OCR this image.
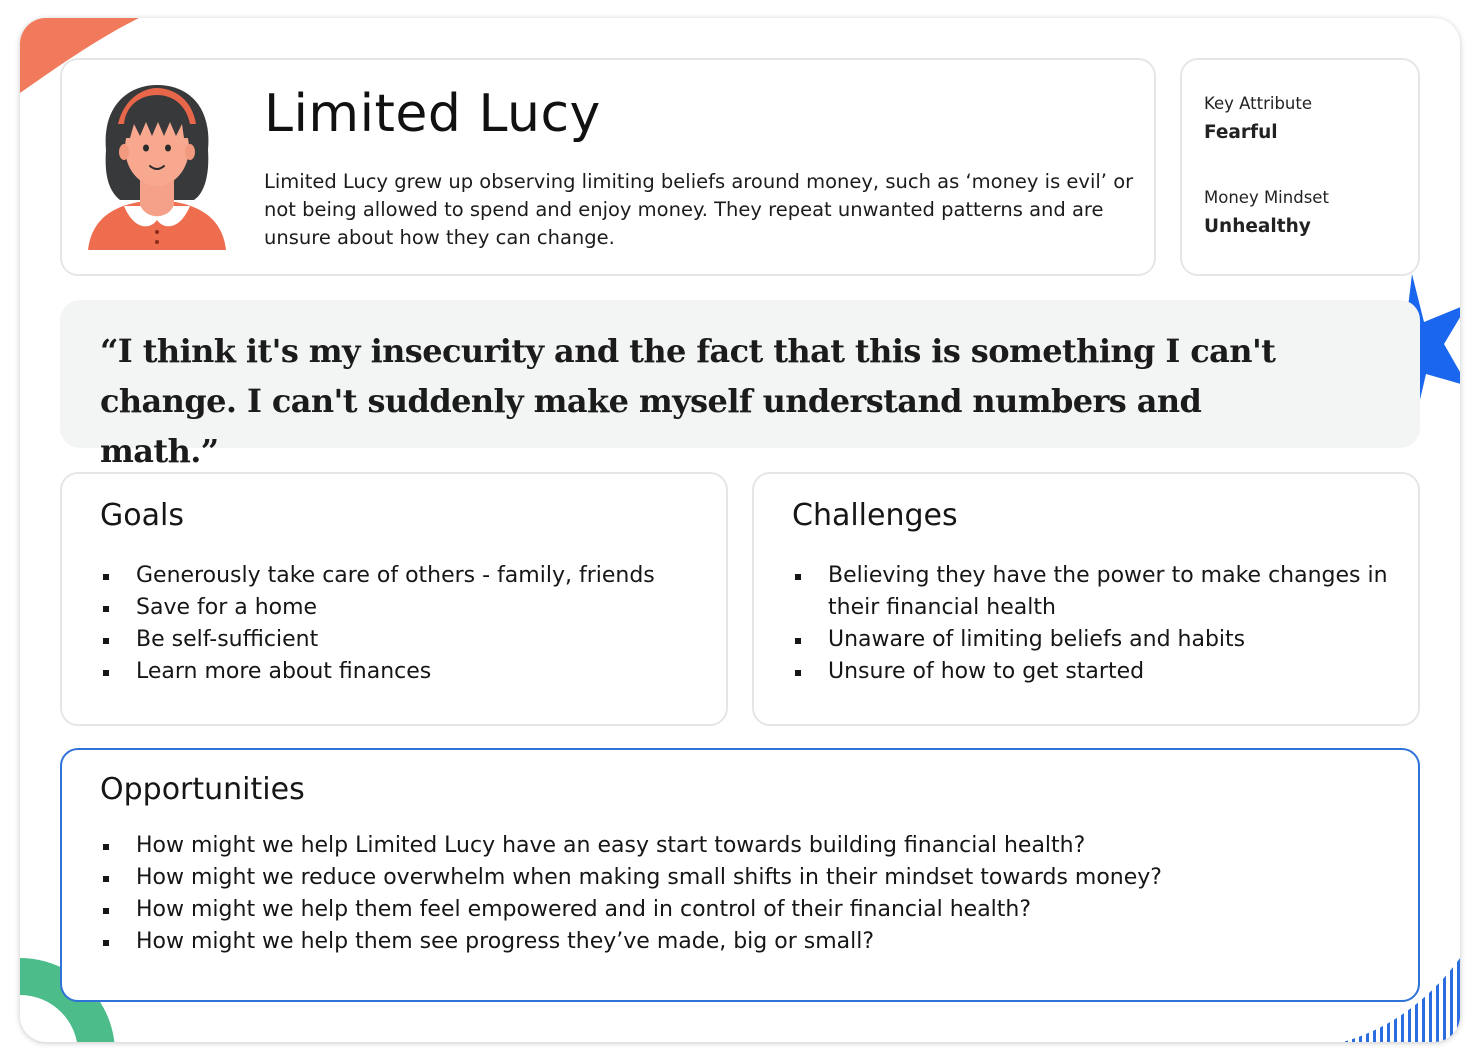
Limited Lucy

Limited Lucy grew up observing limiting beliefs around money, such as ‘money is evil’ or not being allowed to spend and enjoy money. They repeat unwanted patterns and are unsure about how they can change.

Key Attribute
Fearful
Money Mindset
Unhealthy

“I think it's my insecurity and the fact that this is something I can't change. I can't suddenly make myself understand numbers and math.”

Goals
Generously take care of others - family, friends
Save for a home
Be self-sufficient
Learn more about finances
Challenges
Believing they have the power to make changes in their financial health
Unaware of limiting beliefs and habits
Unsure of how to get started
Opportunities
How might we help Limited Lucy have an easy start towards building financial health?
How might we reduce overwhelm when making small shifts in their mindset towards money?
How might we help them feel empowered and in control of their financial health?
How might we help them see progress they’ve made, big or small?
